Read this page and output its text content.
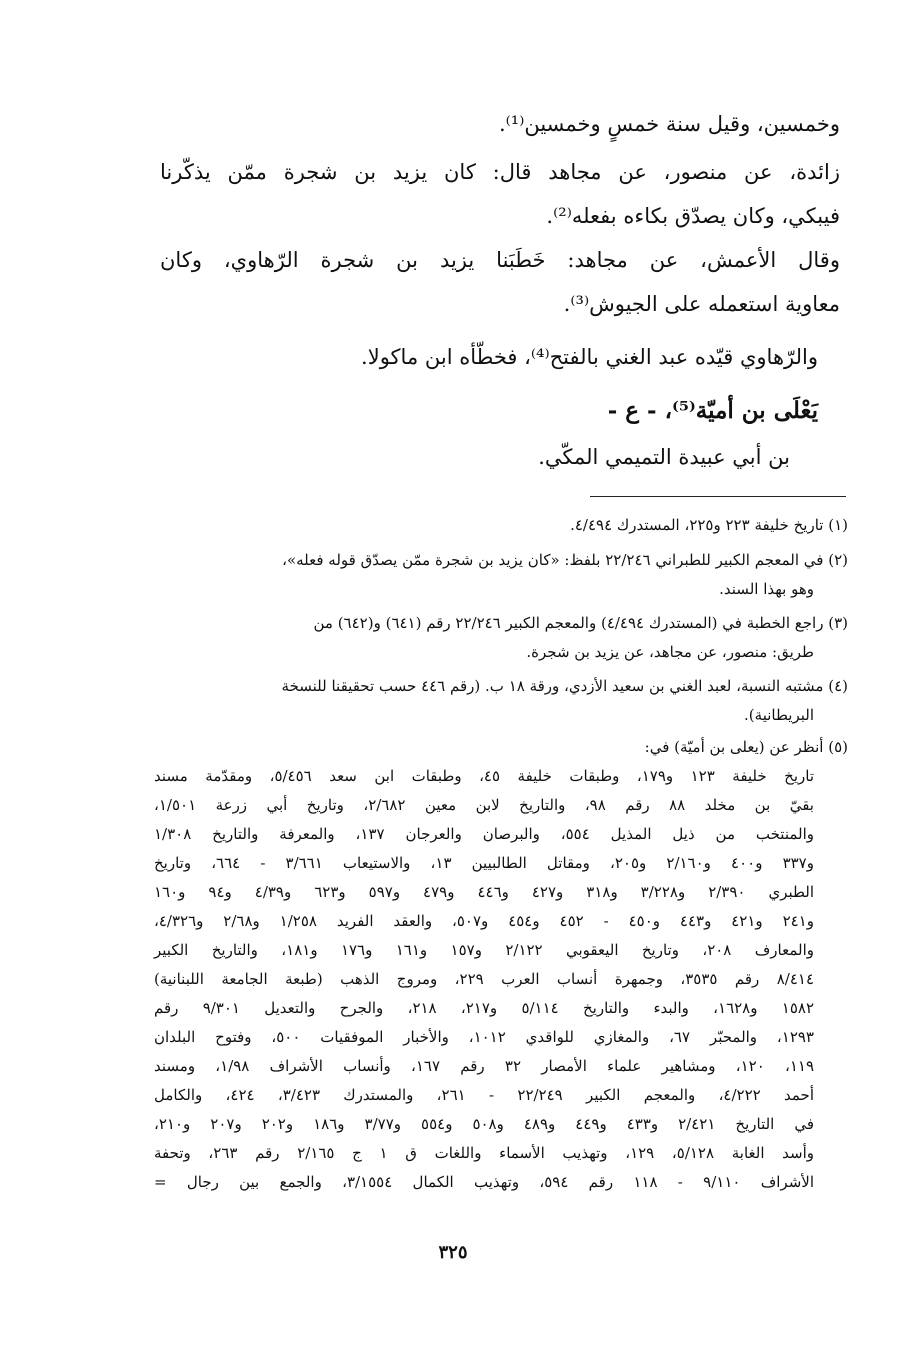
وخمسين، وقيل سنة خمسٍ وخمسين⁽¹⁾.
زائدة، عن منصور، عن مجاهد قال: كان يزيد بن شجرة ممّن يذكّرنا
فيبكي، وكان يصدّق بكاءه بفعله⁽²⁾.
وقال الأعمش، عن مجاهد: خَطَبَنا يزيد بن شجرة الرّهاوي، وكان
معاوية استعمله على الجيوش⁽³⁾.
والرّهاوي قيّده عبد الغني بالفتح⁽⁴⁾، فخطّأه ابن ماكولا.
يَعْلَى بن أميّة⁽⁵⁾، - ع -
بن أبي عبيدة التميمي المكّي.
(١) تاريخ خليفة ٢٢٣ و٢٢٥، المستدرك ٤/٤٩٤.
(٢) في المعجم الكبير للطبراني ٢٢/٢٤٦ بلفظ: «كان يزيد بن شجرة ممّن يصدّق قوله فعله»،
وهو بهذا السند.
(٣) راجع الخطبة في (المستدرك ٤/٤٩٤) والمعجم الكبير ٢٢/٢٤٦ رقم (٦٤١) و(٦٤٢) من
طريق: منصور، عن مجاهد، عن يزيد بن شجرة.
(٤) مشتبه النسبة، لعبد الغني بن سعيد الأزدي، ورقة ١٨ ب. (رقم ٤٤٦ حسب تحقيقنا للنسخة
البريطانية).
(٥) أنظر عن (يعلى بن أميّة) في:
تاريخ خليفة ١٢٣ و١٧٩، وطبقات خليفة ٤٥، وطبقات ابن سعد ٥/٤٥٦، ومقدّمة مسند
بقيّ بن مخلد ٨٨ رقم ٩٨، والتاريخ لابن معين ٢/٦٨٢، وتاريخ أبي زرعة ١/٥٠١،
والمنتخب من ذيل المذيل ٥٥٤، والبرصان والعرجان ١٣٧، والمعرفة والتاريخ ١/٣٠٨
و٣٣٧ و٤٠٠ و٢/١٦٠ و٢٠٥، ومقاتل الطالبيين ١٣، والاستيعاب ٣/٦٦١ - ٦٦٤، وتاريخ
الطبري ٢/٣٩٠ و٣/٢٢٨ و٣١٨ و٤٢٧ و٤٤٦ و٤٧٩ و٥٩٧ و٦٢٣ و٤/٣٩ و٩٤ و١٦٠
و٢٤١ و٤٢١ و٤٤٣ و٤٥٠ - ٤٥٢ و٤٥٤ و٥٠٧، والعقد الفريد ١/٢٥٨ و٢/٦٨ و٤/٣٢٦،
والمعارف ٢٠٨، وتاريخ اليعقوبي ٢/١٢٢ و١٥٧ و١٦١ و١٧٦ و١٨١، والتاريخ الكبير
٨/٤١٤ رقم ٣٥٣٥، وجمهرة أنساب العرب ٢٢٩، ومروج الذهب (طبعة الجامعة اللبنانية)
١٥٨٢ و١٦٢٨، والبدء والتاريخ ٥/١١٤ و٢١٧، ٢١٨، والجرح والتعديل ٩/٣٠١ رقم
١٢٩٣، والمحبّر ٦٧، والمغازي للواقدي ١٠١٢، والأخبار الموفقيات ٥٠٠، وفتوح البلدان
١١٩، ١٢٠، ومشاهير علماء الأمصار ٣٢ رقم ١٦٧، وأنساب الأشراف ١/٩٨، ومسند
أحمد ٤/٢٢٢، والمعجم الكبير ٢٢/٢٤٩ - ٢٦١، والمستدرك ٣/٤٢٣، ٤٢٤، والكامل
في التاريخ ٢/٤٢١ و٤٣٣ و٤٤٩ و٤٨٩ و٥٠٨ و٥٥٤ و٣/٧٧ و١٨٦ و٢٠٢ و٢٠٧ و٢١٠،
وأسد الغابة ٥/١٢٨، ١٢٩، وتهذيب الأسماء واللغات ق ١ ج ٢/١٦٥ رقم ٢٦٣، وتحفة
الأشراف ٩/١١٠ - ١١٨ رقم ٥٩٤، وتهذيب الكمال ٣/١٥٥٤، والجمع بين رجال =
٣٢٥
